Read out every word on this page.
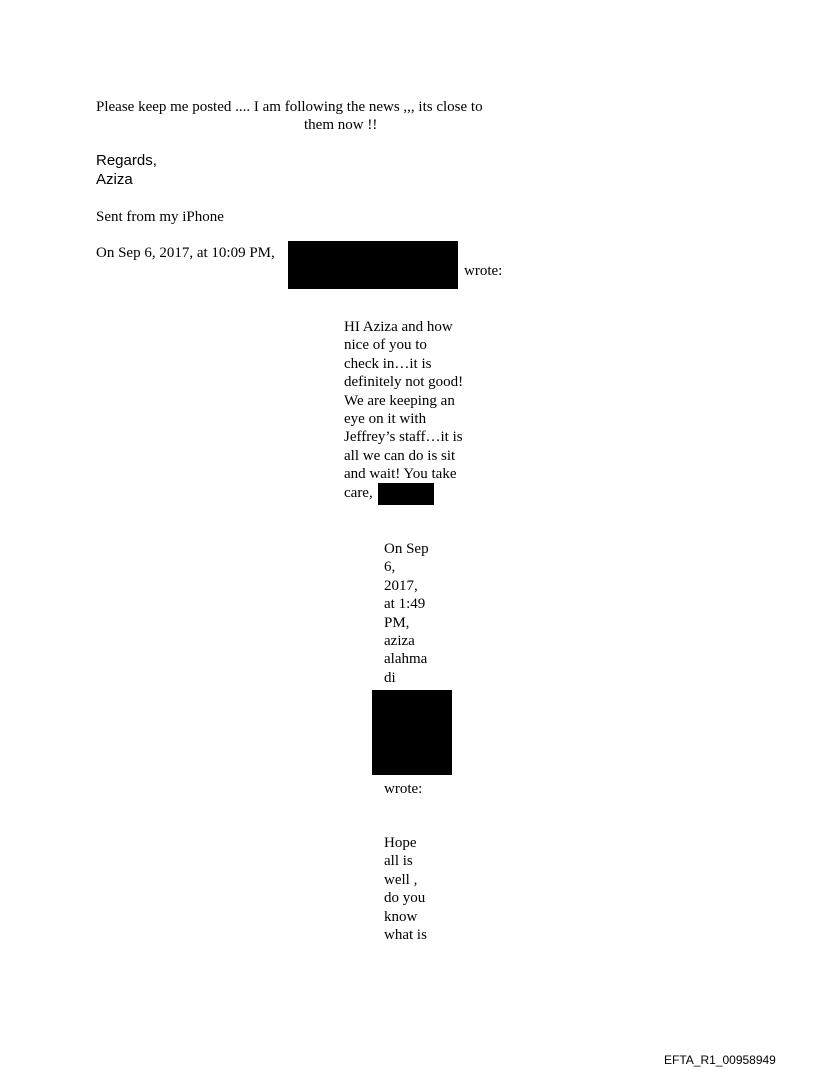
Please keep me posted .... I am following the news ,,, its close to
them now !!
Regards,
Aziza
Sent from my iPhone
On Sep 6, 2017, at 10:09 PM,
wrote:
HI Aziza and how
nice of you to
check in…it is
definitely not good!
We are keeping an
eye on it with
Jeffrey’s staff…it is
all we can do is sit
and wait! You take
care,
On Sep
6,
2017,
at 1:49
PM,
aziza
alahma
di
wrote:
Hope
all is
well ,
do you
know
what is
EFTA_R1_00958949
